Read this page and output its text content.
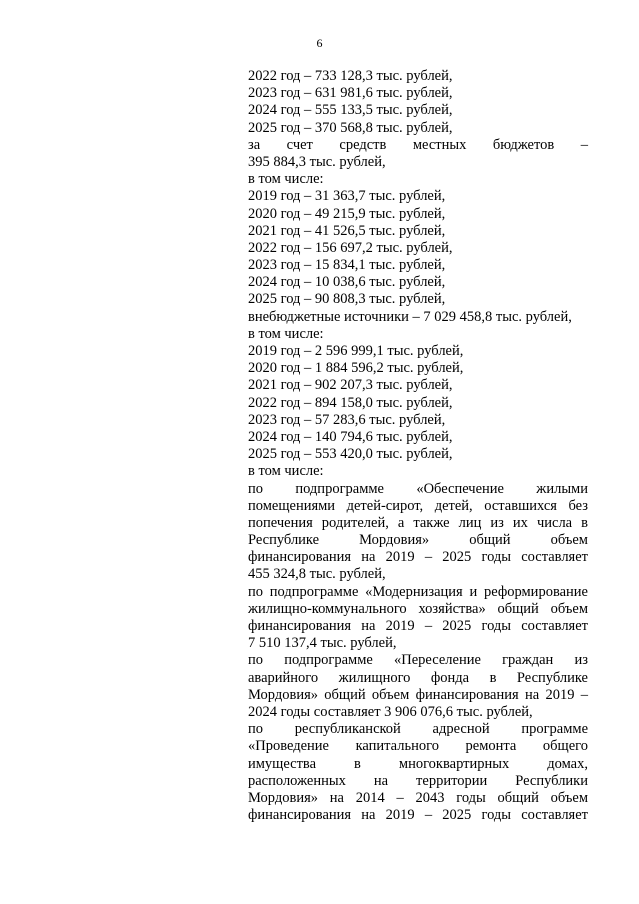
6
2022 год – 733 128,3 тыс. рублей,
2023 год – 631 981,6 тыс. рублей,
2024 год – 555 133,5 тыс. рублей,
2025 год – 370 568,8 тыс. рублей,
за счет средств местных бюджетов –
395 884,3 тыс. рублей,
в том числе:
2019 год – 31 363,7 тыс. рублей,
2020 год – 49 215,9 тыс. рублей,
2021 год – 41 526,5 тыс. рублей,
2022 год – 156 697,2 тыс. рублей,
2023 год – 15 834,1 тыс. рублей,
2024 год – 10 038,6 тыс. рублей,
2025 год – 90 808,3 тыс. рублей,
внебюджетные источники – 7 029 458,8 тыс. рублей,
в том числе:
2019 год – 2 596 999,1 тыс. рублей,
2020 год – 1 884 596,2 тыс. рублей,
2021 год – 902 207,3 тыс. рублей,
2022 год – 894 158,0 тыс. рублей,
2023 год – 57 283,6 тыс. рублей,
2024 год – 140 794,6 тыс. рублей,
2025 год – 553 420,0 тыс. рублей,
в том числе:
по подпрограмме «Обеспечение жилыми
помещениями детей-сирот, детей, оставшихся без
попечения родителей, а также лиц из их числа в
Республике Мордовия» общий объем
финансирования на 2019 – 2025 годы составляет
455 324,8 тыс. рублей,
по подпрограмме «Модернизация и реформирование
жилищно-коммунального хозяйства» общий объем
финансирования на 2019 – 2025 годы составляет
7 510 137,4 тыс. рублей,
по подпрограмме «Переселение граждан из
аварийного жилищного фонда в Республике
Мордовия» общий объем финансирования на 2019 –
2024 годы составляет 3 906 076,6 тыс. рублей,
по республиканской адресной программе
«Проведение капитального ремонта общего
имущества в многоквартирных домах,
расположенных на территории Республики
Мордовия» на 2014 – 2043 годы общий объем
финансирования на 2019 – 2025 годы составляет
